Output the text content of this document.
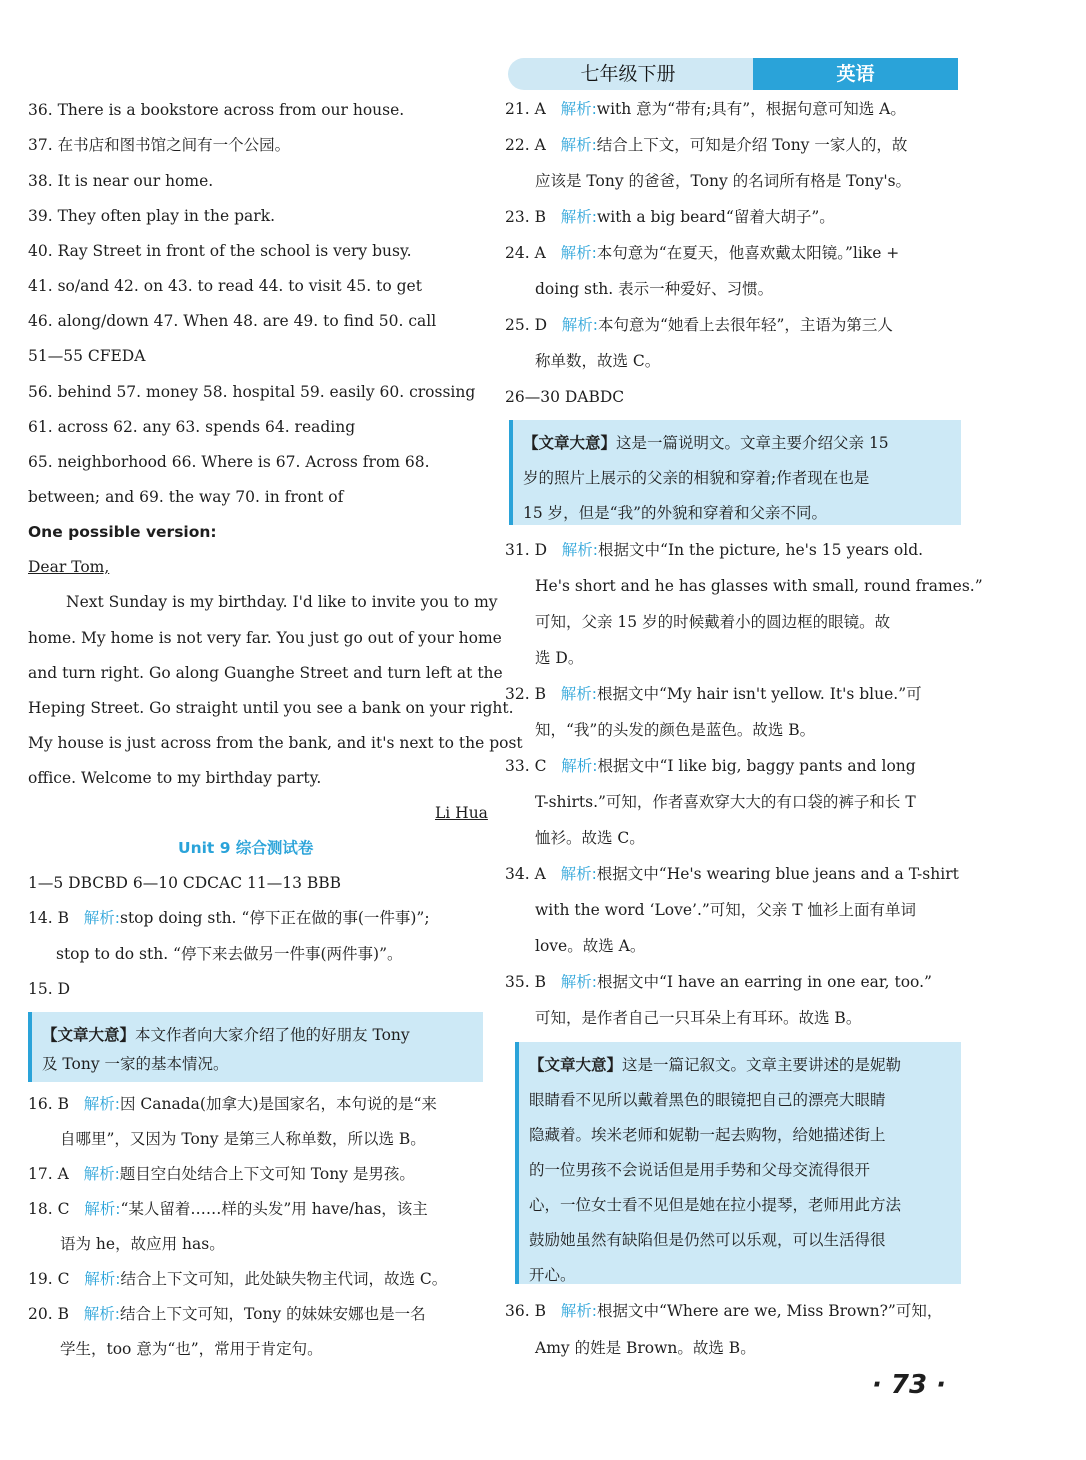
七年级下册	英语
36. There is a bookstore across from our house.
37. 在书店和图书馆之间有一个公园。
38. It is near our home.
39. They often play in the park.
40. Ray Street in front of the school is very busy.
41. so/and 42. on 43. to read 44. to visit 45. to get
46. along/down 47. When 48. are 49. to find 50. call
51—55 CFEDA
56. behind 57. money 58. hospital 59. easily 60. crossing
61. across 62. any 63. spends 64. reading
65. neighborhood 66. Where is 67. Across from 68.
between; and 69. the way 70. in front of
One possible version:
Dear Tom,
Next Sunday is my birthday. I'd like to invite you to my
home. My home is not very far. You just go out of your home
and turn right. Go along Guanghe Street and turn left at the
Heping Street. Go straight until you see a bank on your right.
My house is just across from the bank, and it's next to the post
office. Welcome to my birthday party.
Li Hua
Unit 9 综合测试卷
1—5 DBCBD 6—10 CDCAC 11—13 BBB
14. B 解析:stop doing sth. “停下正在做的事(一件事)”;
stop to do sth. “停下来去做另一件事(两件事)”。
15. D
【文章大意】本文作者向大家介绍了他的好朋友 Tony
及 Tony 一家的基本情况。
16. B 解析:因 Canada(加拿大)是国家名，本句说的是“来
自哪里”，又因为 Tony 是第三人称单数，所以选 B。
17. A 解析:题目空白处结合上下文可知 Tony 是男孩。
18. C 解析:“某人留着……样的头发”用 have/has，该主
语为 he，故应用 has。
19. C 解析:结合上下文可知，此处缺失物主代词，故选 C。
20. B 解析:结合上下文可知，Tony 的妹妹安娜也是一名
学生，too 意为“也”，常用于肯定句。
21. A 解析:with 意为“带有;具有”，根据句意可知选 A。
22. A 解析:结合上下文，可知是介绍 Tony 一家人的，故
应该是 Tony 的爸爸，Tony 的名词所有格是 Tony's。
23. B 解析:with a big beard“留着大胡子”。
24. A 解析:本句意为“在夏天，他喜欢戴太阳镜。”like +
doing sth. 表示一种爱好、习惯。
25. D 解析:本句意为“她看上去很年轻”，主语为第三人
称单数，故选 C。
26—30 DABDC
【文章大意】这是一篇说明文。文章主要介绍父亲 15
岁的照片上展示的父亲的相貌和穿着;作者现在也是
15 岁，但是“我”的外貌和穿着和父亲不同。
31. D 解析:根据文中“In the picture, he's 15 years old.
He's short and he has glasses with small, round frames.”
可知，父亲 15 岁的时候戴着小的圆边框的眼镜。故
选 D。
32. B 解析:根据文中“My hair isn't yellow. It's blue.”可
知，“我”的头发的颜色是蓝色。故选 B。
33. C 解析:根据文中“I like big, baggy pants and long
T-shirts.”可知，作者喜欢穿大大的有口袋的裤子和长 T
恤衫。故选 C。
34. A 解析:根据文中“He's wearing blue jeans and a T-shirt
with the word ‘Love’.”可知，父亲 T 恤衫上面有单词
love。故选 A。
35. B 解析:根据文中“I have an earring in one ear, too.”
可知，是作者自己一只耳朵上有耳环。故选 B。
【文章大意】这是一篇记叙文。文章主要讲述的是妮勒
眼睛看不见所以戴着黑色的眼镜把自己的漂亮大眼睛
隐藏着。埃米老师和妮勒一起去购物，给她描述街上
的一位男孩不会说话但是用手势和父母交流得很开
心，一位女士看不见但是她在拉小提琴，老师用此方法
鼓励她虽然有缺陷但是仍然可以乐观，可以生活得很
开心。
36. B 解析:根据文中“Where are we, Miss Brown?”可知，
Amy 的姓是 Brown。故选 B。
· 73 ·
